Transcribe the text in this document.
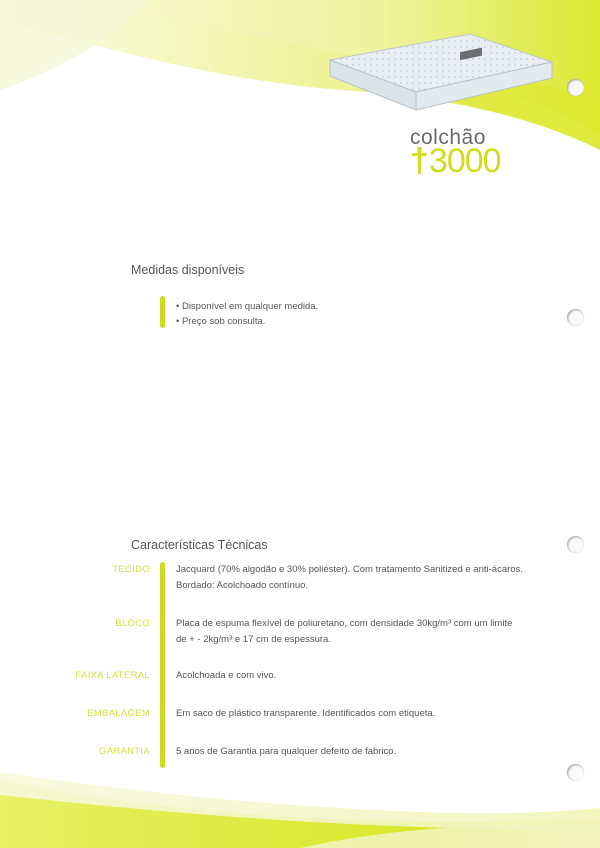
colchão
† 3000
Medidas disponíveis
• Disponível em qualquer medida.
• Preço sob consulta.
Características Técnicas
TECIDO	Jacquard (70% algodão e 30% poliéster). Com tratamento Sanitized e anti-ácaros.
Bordado: Acolchoado contínuo.
BLOCO	Placa de espuma flexível de poliuretano, com densidade 30kg/m³ com um limite
de + - 2kg/m³ e 17 cm de espessura.
FAIXA LATERAL	Acolchoada e com vivo.
EMBALAGEM	Em saco de plástico transparente. Identificados com etiqueta.
GARANTIA	5 anos de Garantia para qualquer defeito de fabrico.
